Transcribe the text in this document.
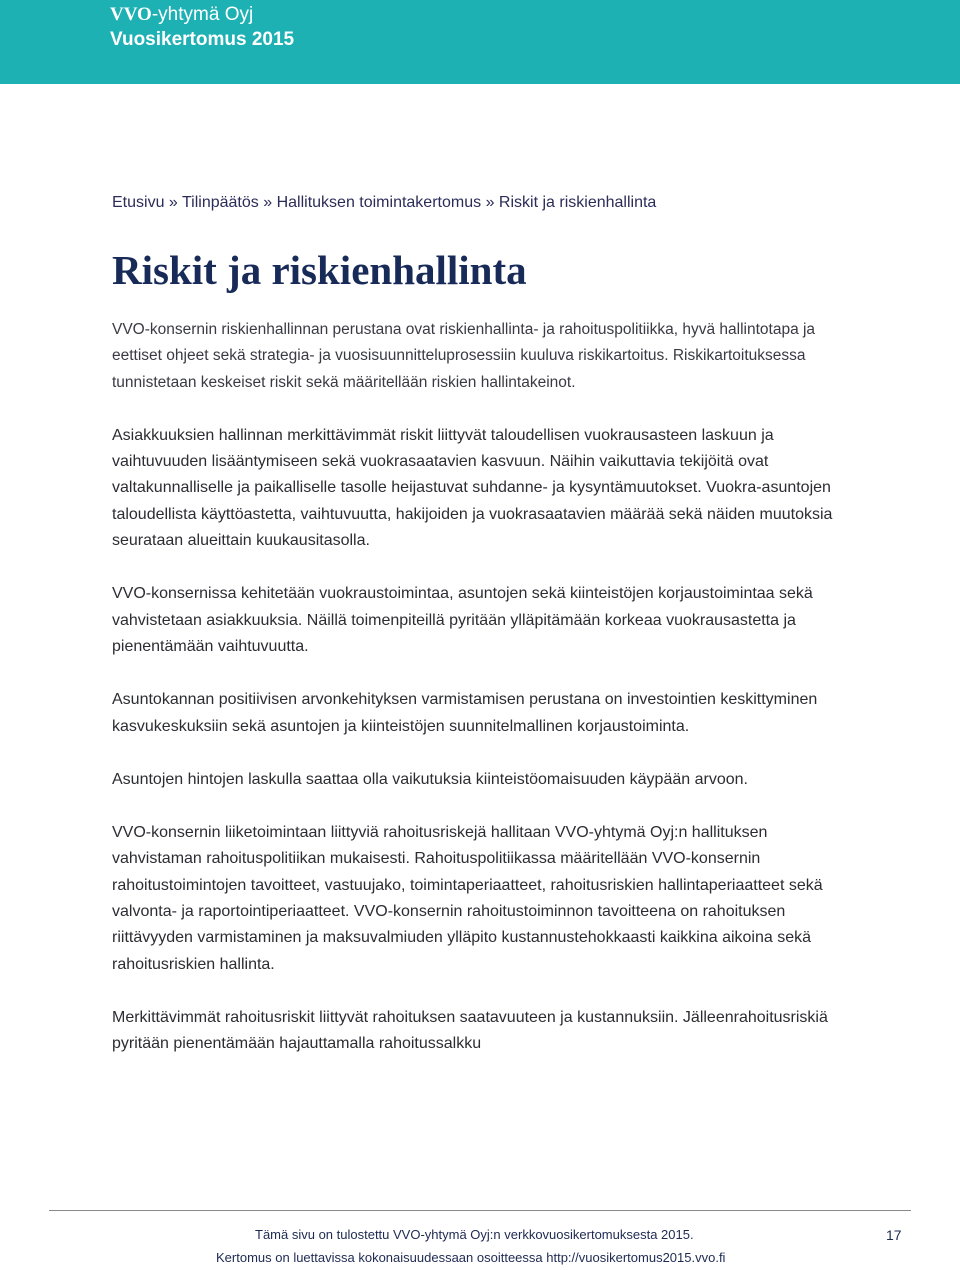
VVO-yhtymä Oyj
Vuosikertomus 2015
Etusivu » Tilinpäätös » Hallituksen toimintakertomus » Riskit ja riskienhallinta
Riskit ja riskienhallinta

VVO-konsernin riskienhallinnan perustana ovat riskienhallinta- ja rahoituspolitiikka, hyvä hallintotapa ja eettiset ohjeet sekä strategia- ja vuosisuunnitteluprosessiin kuuluva riskikartoitus. Riskikartoituksessa tunnistetaan keskeiset riskit sekä määritellään riskien hallintakeinot.

Asiakkuuksien hallinnan merkittävimmät riskit liittyvät taloudellisen vuokrausasteen laskuun ja vaihtuvuuden lisääntymiseen sekä vuokrasaatavien kasvuun. Näihin vaikuttavia tekijöitä ovat valtakunnalliselle ja paikalliselle tasolle heijastuvat suhdanne- ja kysyntämuutokset. Vuokra-asuntojen taloudellista käyttöastetta, vaihtuvuutta, hakijoiden ja vuokrasaatavien määrää sekä näiden muutoksia seurataan alueittain kuukausitasolla.

VVO-konsernissa kehitetään vuokraustoimintaa, asuntojen sekä kiinteistöjen korjaustoimintaa sekä vahvistetaan asiakkuuksia. Näillä toimenpiteillä pyritään ylläpitämään korkeaa vuokrausastetta ja pienentämään vaihtuvuutta.

Asuntokannan positiivisen arvonkehityksen varmistamisen perustana on investointien keskittyminen kasvukeskuksiin sekä asuntojen ja kiinteistöjen suunnitelmallinen korjaustoiminta.

Asuntojen hintojen laskulla saattaa olla vaikutuksia kiinteistöomaisuuden käypään arvoon.

VVO-konsernin liiketoimintaan liittyviä rahoitusriskejä hallitaan VVO-yhtymä Oyj:n hallituksen vahvistaman rahoituspolitiikan mukaisesti. Rahoituspolitiikassa määritellään VVO-konsernin rahoitustoimintojen tavoitteet, vastuujako, toimintaperiaatteet, rahoitusriskien hallintaperiaatteet sekä valvonta- ja raportointiperiaatteet. VVO-konsernin rahoitustoiminnon tavoitteena on rahoituksen riittävyyden varmistaminen ja maksuvalmiuden ylläpito kustannustehokkaasti kaikkina aikoina sekä rahoitusriskien hallinta.

Merkittävimmät rahoitusriskit liittyvät rahoituksen saatavuuteen ja kustannuksiin. Jälleenrahoitusriskiä pyritään pienentämään hajauttamalla rahoitussalkku

Tämä sivu on tulostettu VVO-yhtymä Oyj:n verkkovuosikertomuksesta 2015.
Kertomus on luettavissa kokonaisuudessaan osoitteessa http://vuosikertomus2015.vvo.fi
17
